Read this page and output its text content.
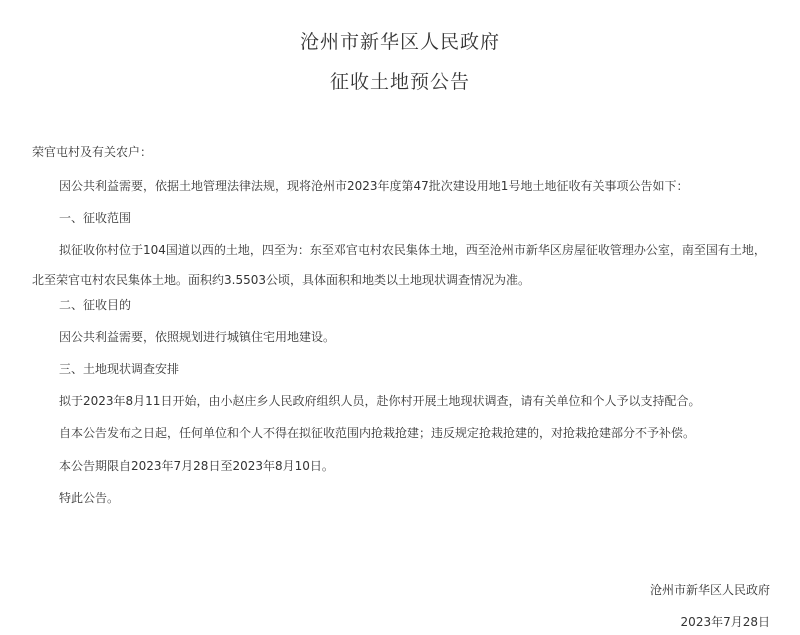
沧州市新华区人民政府
征收土地预公告

荣官屯村及有关农户：

因公共利益需要，依据土地管理法律法规，现将沧州市2023年度第47批次建设用地1号地土地征收有关事项公告如下：

一、征收范围

拟征收你村位于104国道以西的土地，四至为：东至邓官屯村农民集体土地，西至沧州市新华区房屋征收管理办公室，南至国有土地，北至荣官屯村农民集体土地。面积约3.5503公顷，具体面积和地类以土地现状调查情况为准。

二、征收目的

因公共利益需要，依照规划进行城镇住宅用地建设。

三、土地现状调查安排

拟于2023年8月11日开始，由小赵庄乡人民政府组织人员，赴你村开展土地现状调查，请有关单位和个人予以支持配合。

自本公告发布之日起，任何单位和个人不得在拟征收范围内抢栽抢建；违反规定抢栽抢建的，对抢栽抢建部分不予补偿。

本公告期限自2023年7月28日至2023年8月10日。

特此公告。

沧州市新华区人民政府
2023年7月28日
